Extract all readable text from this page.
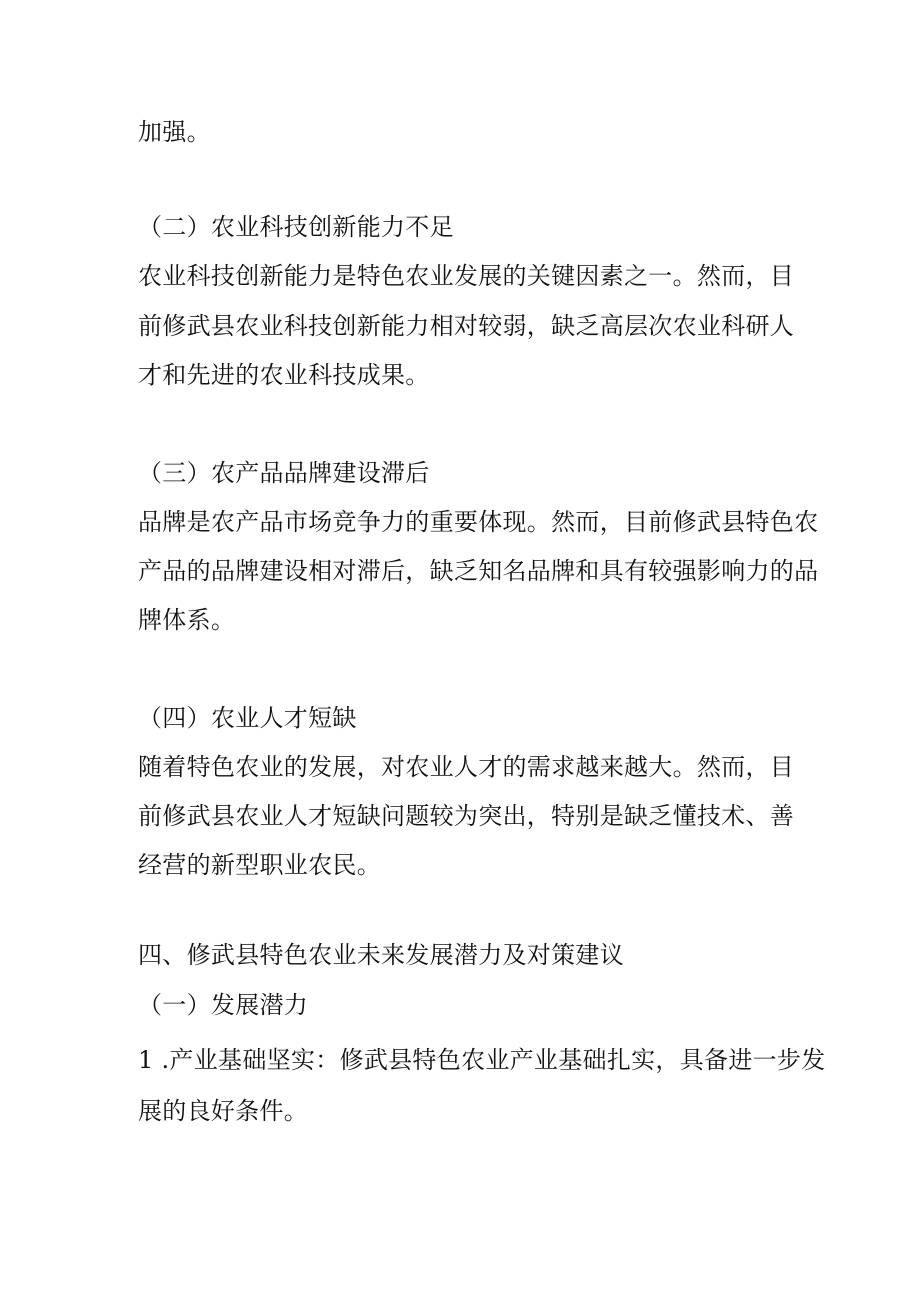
加强。
（二）农业科技创新能力不足
农业科技创新能力是特色农业发展的关键因素之一。然而，目
前修武县农业科技创新能力相对较弱，缺乏高层次农业科研人
才和先进的农业科技成果。
（三）农产品品牌建设滞后
品牌是农产品市场竞争力的重要体现。然而，目前修武县特色农
产品的品牌建设相对滞后，缺乏知名品牌和具有较强影响力的品
牌体系。
（四）农业人才短缺
随着特色农业的发展，对农业人才的需求越来越大。然而，目
前修武县农业人才短缺问题较为突出，特别是缺乏懂技术、善
经营的新型职业农民。
四、修武县特色农业未来发展潜力及对策建议
（一）发展潜力
1 .产业基础坚实：修武县特色农业产业基础扎实，具备进一步发
展的良好条件。
